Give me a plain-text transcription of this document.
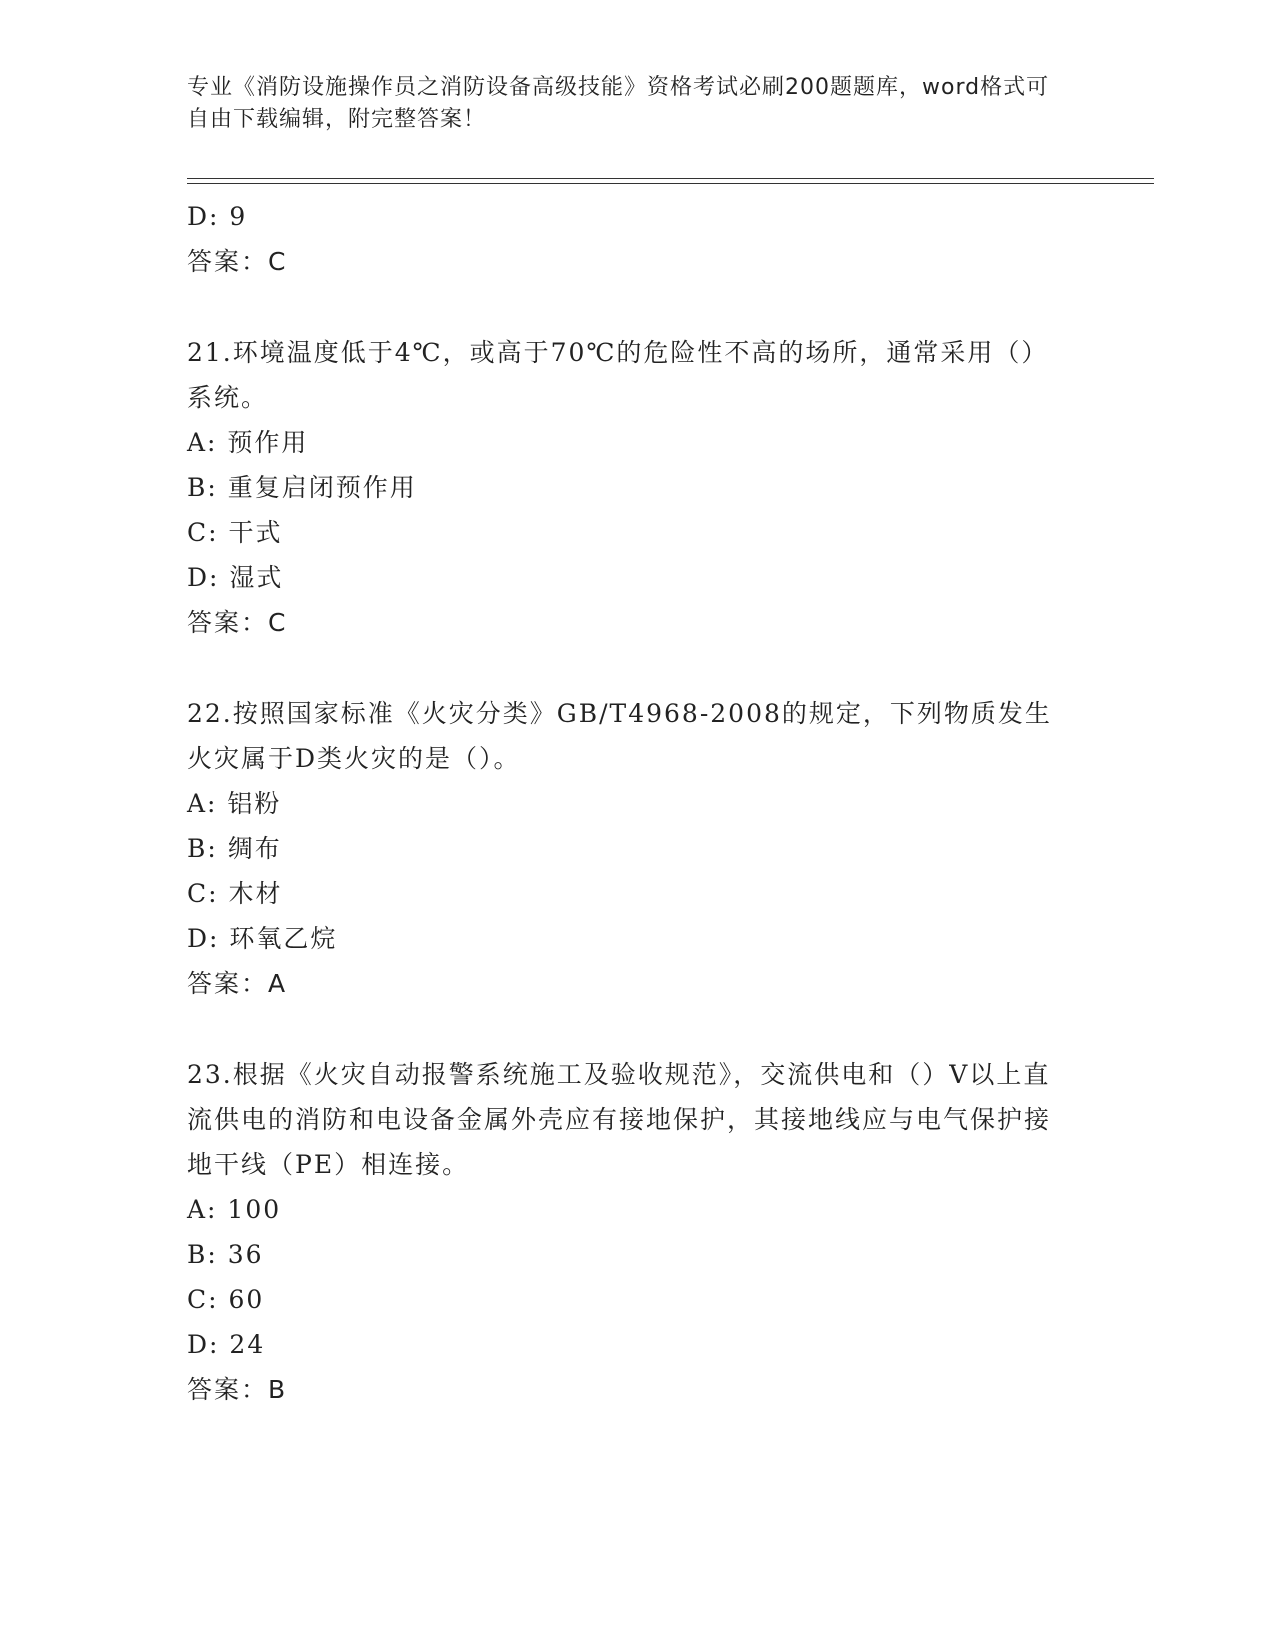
专业《消防设施操作员之消防设备高级技能》资格考试必刷200题题库，word格式可自由下载编辑，附完整答案！
D: 9
答案：C
21.环境温度低于4℃，或高于70℃的危险性不高的场所，通常采用（）系统。
A: 预作用
B: 重复启闭预作用
C: 干式
D: 湿式
答案：C
22.按照国家标准《火灾分类》GB/T4968-2008的规定，下列物质发生火灾属于D类火灾的是（）。
A: 铝粉
B: 绸布
C: 木材
D: 环氧乙烷
答案：A
23.根据《火灾自动报警系统施工及验收规范》，交流供电和（）V以上直流供电的消防和电设备金属外壳应有接地保护，其接地线应与电气保护接地干线（PE）相连接。
A: 100
B: 36
C: 60
D: 24
答案：B
